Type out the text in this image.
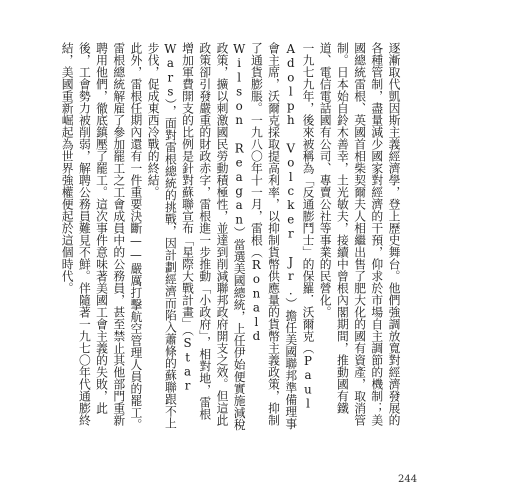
逐漸取代凱因斯主義經濟學，登上歷史舞台。他們強調放寬對經濟發展的各種管制，盡量減少國家對經濟的干預，仰求於市場自主調節的機制；美國總統雷根、英國首相柴契爾夫人相繼出售了肥大化的國有資產，取消管制。日本始自鈴木善幸，土光敏夫，接續中曾根內閣期間，推動國有鐵道、電信電話國有公司、專賣公社等事業的民營化。

一九七九年，後來被稱為「反通膨鬥士」的保羅．沃爾克（Paul Adolph Volcker Jr.）擔任美國聯邦準備理事會主席，沃爾克採取提高利率，以抑制貨幣供應量的貨幣主義政策，抑制了通貨膨脹。一九八〇年十一月，雷根（Ronald Wilson Reagan）當選美國總統，上任伊始便實施減稅政策，擴以刺激國民勞動積極性，並達到削減聯邦政府開支之效。但這此政策卻引發嚴重的財政赤字，雷根進一步推動「小政府」，相對地，雷根增加軍費開支的比例是針對蘇聯宣布「星際大戰計畫」（Star Wars），面對雷根總統的挑戰，因計劃經濟而陷入蕭條的蘇聯跟不上步伐，促成東西冷戰的終結。

此外，雷根任期內還有一件重要決斷——嚴厲打擊航空管理人員的罷工。雷根總統解雇了參加罷工之工會成員中的公務員，甚至禁止其他部門重新聘用他們，徹底鎮壓了罷工。這次事件意味著美國工會主義的失敗，此後，工會勢力被削弱，解聘公務員難見不鮮。伴隨著一九七〇年代通膨終結，美國重新崛起為世界強權便起於這個時代。

244
